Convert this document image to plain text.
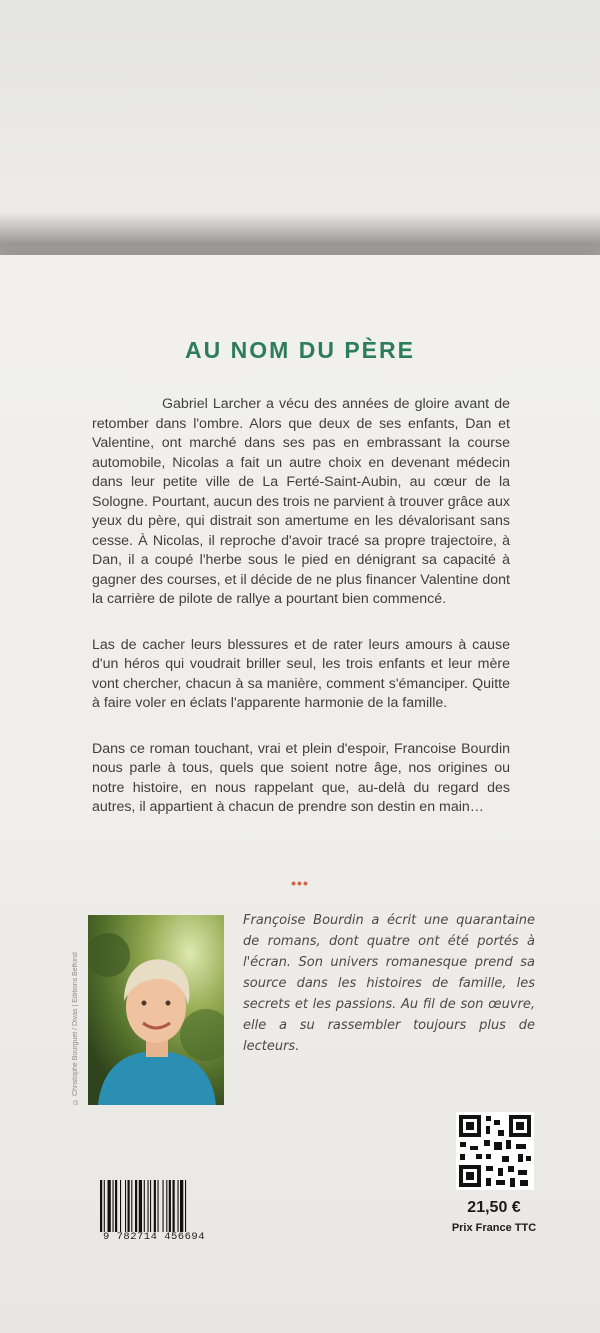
AU NOM DU PÈRE

Gabriel Larcher a vécu des années de gloire avant de retomber dans l'ombre. Alors que deux de ses enfants, Dan et Valentine, ont marché dans ses pas en embrassant la course automobile, Nicolas a fait un autre choix en devenant médecin dans leur petite ville de La Ferté-Saint-Aubin, au cœur de la Sologne. Pourtant, aucun des trois ne parvient à trouver grâce aux yeux du père, qui distrait son amertume en les dévalorisant sans cesse. À Nicolas, il reproche d'avoir tracé sa propre trajectoire, à Dan, il a coupé l'herbe sous le pied en dénigrant sa capacité à gagner des courses, et il décide de ne plus financer Valentine dont la carrière de pilote de rallye a pourtant bien commencé.

Las de cacher leurs blessures et de rater leurs amours à cause d'un héros qui voudrait briller seul, les trois enfants et leur mère vont chercher, chacun à sa manière, comment s'émanciper. Quitte à faire voler en éclats l'apparente harmonie de la famille.

Dans ce roman touchant, vrai et plein d'espoir, Francoise Bourdin nous parle à tous, quels que soient notre âge, nos origines ou notre histoire, en nous rappelant que, au-delà du regard des autres, il appartient à chacun de prendre son destin en main…

•••
© Christophe Bourguet / Divas | Éditions Belfond
Françoise Bourdin a écrit une quarantaine de romans, dont quatre ont été portés à l'écran. Son univers romanesque prend sa source dans les histoires de famille, les secrets et les passions. Au fil de son œuvre, elle a su rassembler toujours plus de lecteurs.
21,50 €
Prix France TTC
9 782714 456694
